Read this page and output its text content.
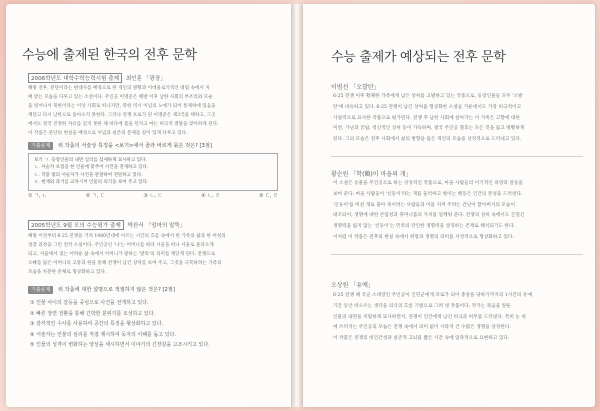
수능에 출제된 한국의 전후 문학
2006학년도 대학수학능력시험 출제 최인훈 「광장」
해방 전후, 분단이라는 현대사를 배경으로 한 개인의 방황과 이데올로기적인 대립 속에서 지
배 받는 모습을 다루고 있는 소설이다. 주인공 이명준은 해방 이후 남한 사회의 부조리와 모순
을 벗어나서 북한이라는 이상 사회로 떠나지만, 북한 역시 이념의 노예가 되어 통제하에 있음을
깨닫고 다시 남한으로 돌아오지 못한다. 그러나 전쟁 포로가 된 이명준은 제3국을 택하고, 그곳
에서도 결국 진정한 자유를 얻지 못한 채 바다에 몸을 던지고 마는 비극적 결말을 맞이하게 된다.
이 작품은 분단의 현실을 배경으로 이념과 실존의 문제를 깊이 있게 다루고 있다.
기출문제 위 작품의 서술상 특징을 <보기>에서 골라 바르게 묶은 것은? [3점]
보기 ㄱ. 등장인물의 내면 심리를 섬세하게 묘사하고 있다.
ㄴ. 서술자 초점을 한 인물에 맞추어 사건을 전개하고 있다.
ㄷ. 작품 밖의 서술자가 사건을 관찰하여 전달하고 있다.
ㄹ. 현재와 과거를 교차시켜 인물의 의식을 보여 주고 있다.
① ㄱ, ㄴ	② ㄱ, ㄷ	③ ㄴ, ㄷ	④ ㄴ, ㄹ	⑤ ㄷ, ㄹ
2005학년도 9월 모의 수능평가 출제 박완서 「엄마의 말뚝」
해방 이전부터 6·25 전쟁을 거쳐 1980년대에 이르는 시간의 흐름 속에서 한 가족의 삶과 한 여성의
성장 과정을 그린 연작 소설이다. 주인공인 '나'는 어머니를 따라 시골을 떠나 서울로 올라오게
되고, 서울에서 겪는 어려운 삶 속에서 어머니가 말하는 '말뚝'의 의미를 깨닫게 된다. 전쟁으로
오빠를 잃은 어머니의 고통과 한을 통해 전쟁이 남긴 상처를 보여 주고, 그것을 극복하려는 가족의
모습을 차분한 문체로 형상화하고 있다.
기출문제 위 작품에 대한 설명으로 적절하지 않은 것은? [2점]
① 인물 사이의 갈등을 중심으로 사건을 전개하고 있다.
② 빠른 장면 전환을 통해 긴박한 분위기를 조성하고 있다.
③ 감각적인 수사를 사용하여 공간의 특징을 형상화하고 있다.
④ 서술자는 인물의 심리를 직접 제시하여 독자의 이해를 돕고 있다.
⑤ 인물의 성격이 변화하는 양상을 세시하면서 이야기의 긴장감을 고조시키고 있다.
수능 출제가 예상되는 전후 문학
이범선 「오발탄」
6·25 전쟁 이후 황폐한 가족에게 남은 상처를 고발하고 있는 작품으로, 등장인물들 모두 '오발
탄'에 비유하고 있다. 6·25 전쟁이 남긴 상처를 형상화한 소설들 가운데서도 가장 비극적이고
사실적으로 묘사한 작품으로 평가된다. 전쟁 후 남한 사회에 살아가는 이 가족은 고향에 대한
미련, 가난과 궁핍, 정신적인 상처 등이 가득하며, 결국 주인공 철호는 모든 것을 잃고 방황하게
된다. 그의 모습은 전후 사회에서 삶의 방향을 잃은 개인의 모습을 상징적으로 드러내고 있다.
황순원 「학(鶴)이 마을의 개」
이 소설은 동물을 주인공으로 하는 상징적인 작품으로, 마을 사람들의 이기적인 욕망과 갈등을
보여 준다. 마을 사람들이 '신둥이'라는 개를 둘러싸고 벌이는 행동은 인간의 본성을 드러낸다.
'신둥이'를 미친 개로 몰아 죽이려는 사람들과 이를 지켜 주려는 간난이 할아버지의 모습이
대조되어, 생명에 대한 존엄성과 휴머니즘의 가치를 일깨워 준다. 전쟁의 상처 속에서도 끈질긴
생명력을 잃지 않는 '신둥이'는 민족의 강인한 생명력을 상징하는 존재로 해석되기도 한다.
이처럼 이 작품은 전후의 현실 속에서 희망과 생명의 의미를 서정적으로 형상화하고 있다.
오상원 「유예」
6·25 전쟁 때 국군 소대장인 주인공이 인민군에게 포로가 되어 총살을 당하기까지의 1시간의 유예
기간 동안 떠오르는 생각을 의식의 흐름 기법으로 그려 낸 작품이다. 작가는 죽음을 앞둔
인물의 내면을 치밀하게 묘사하면서, 전쟁이 인간에게 남긴 비극과 허무를 드러낸다. 특히 눈 위
에 쓰러지는 주인공의 모습은 전쟁 속에서 의미 없이 사라져 간 수많은 생명을 상징한다.
이 작품은 전쟁의 비인간성과 실존적 고뇌를 짧은 시간 속에 압축적으로 표현하고 있다.
